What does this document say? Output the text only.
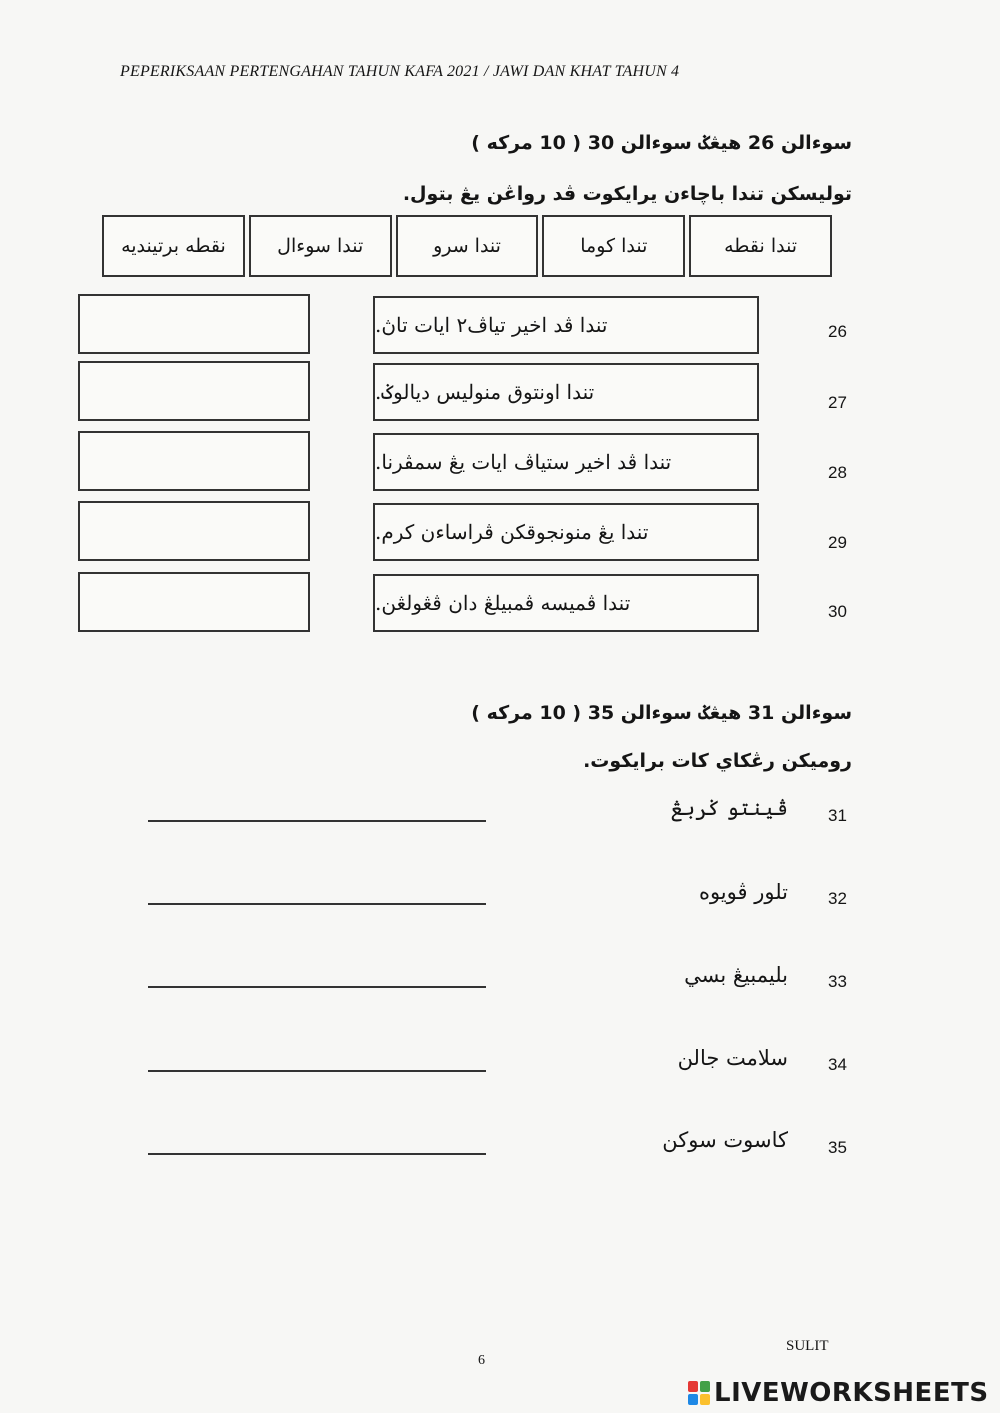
PEPERIKSAAN PERTENGAHAN TAHUN KAFA 2021 / JAWI DAN KHAT TAHUN 4
سوءالن 26 هيڠݢ سوءالن 30 ( 10 مركه )
توليسكن تندا باچاءن يرايكوت ڤد رواڠن يڠ بتول.
تندا نقطه
تندا كوما
تندا سرو
تندا سوءال
نقطه برتينديه
تندا ڤد اخير تياڤ٢ ايات تاڽ.	26
تندا اونتوق منوليس ديالوݢ.	27
تندا ڤد اخير ستياڤ ايات يڠ سمڤرنا.	28
تندا يڠ منونجوقكن ڤراساءن كرم.	29
تندا ڤميسه ڤمبيلڠ دان ڤڠولڠن.	30
سوءالن 31 هيڠݢ سوءالن 35 ( 10 مركه )
روميكن رڠكاي كات برايكوت.
ڤينتو ݢربڠ 31
تلور ڤويوه 32
بليمبيڠ بسي 33
سلامت جالن 34
كاسوت سوكن 35
SULIT
6
LIVEWORKSHEETS
